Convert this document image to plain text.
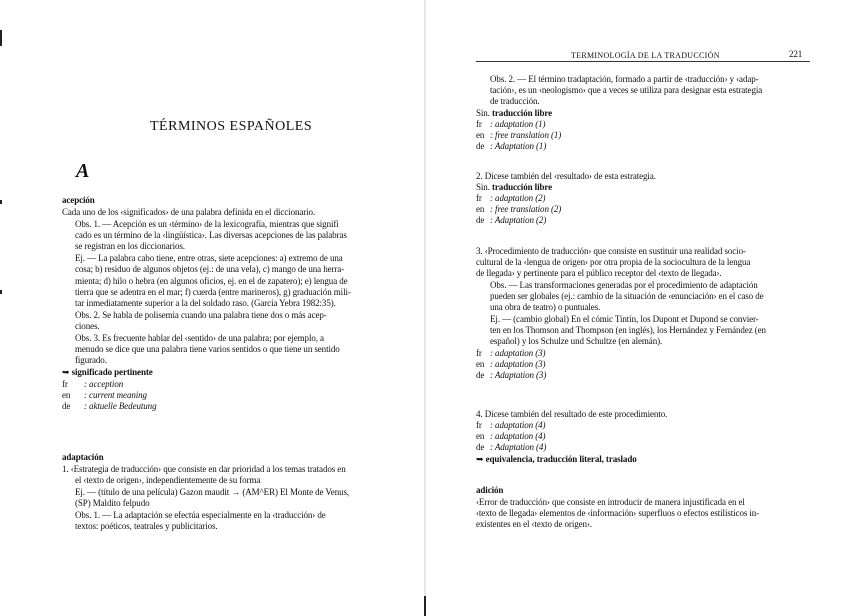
TÉRMINOS ESPAÑOLES
A
acepción
Cada uno de los ‹significados› de una palabra definida en el diccionario.
Obs. 1. — Acepción es un ‹término› de la lexicografía, mientras que signifi
cado es un término de la ‹lingüística›. Las diversas acepciones de las palabras
se registran en los diccionarios.
Ej. — La palabra cabo tiene, entre otras, siete acepciones: a) extremo de una
cosa; b) residuo de algunos objetos (ej.: de una vela), c) mango de una herra-
mienta; d) hilo o hebra (en algunos oficios, ej. en el de zapatero); e) lengua de
tierra que se adentra en el mar; f) cuerda (entre marineros), g) graduación mili-
tar inmediatamente superior a la del soldado raso. (García Yebra 1982:35).
Obs. 2. Se habla de polisemia cuando una palabra tiene dos o más acep-
ciones.
Obs. 3. Es frecuente hablar del ‹sentido› de una palabra; por ejemplo, a
menudo se dice que una palabra tiene varios sentidos o que tiene un sentido
figurado.
➥ significado pertinente
fr : acception
en : current meaning
de : aktuelle Bedeutung
adaptación
1. ‹Estrategia de traducción› que consiste en dar prioridad a los temas tratados en
el ‹texto de origen›, independientemente de su forma
Ej. — (título de una película) Gazon maudit → (AM^ER) El Monte de Venus,
(SP) Maldito felpudo
Obs. 1. — La adaptación se efectúa especialmente en la ‹traducción› de
textos: poéticos, teatrales y publicitarios.
TERMINOLOGÍA DE LA TRADUCCIÓN	221
Obs. 2. — El término tradaptación, formado a partir de ‹traducción› y ‹adap-
tación›, es un ‹neologismo› que a veces se utiliza para designar esta estrategia
de traducción.
Sin. traducción libre
fr : adaptation (1)
en : free translation (1)
de : Adaptation (1)
2. Dícese también del ‹resultado› de esta estrategia.
Sin. traducción libre
fr : adaptation (2)
en : free translation (2)
de : Adaptation (2)
3. ‹Procedimiento de traducción› que consiste en sustituir una realidad socio-
cultural de la ‹lengua de origen› por otra propia de la sociocultura de la lengua
de llegada› y pertinente para el público receptor del ‹texto de llegada›.
Obs. — Las transformaciones generadas por el procedimiento de adaptación
pueden ser globales (ej.: cambio de la situación de ‹enunciación› en el caso de
una obra de teatro) o puntuales.
Ej. — (cambio global) En el cómic Tintín, los Dupont et Dupond se convier-
ten en los Thomson and Thompson (en inglés), los Hernández y Fernández (en
español) y los Schulze und Schultze (en alemán).
fr : adaptation (3)
en : adaptation (3)
de : Adaptation (3)
4. Dícese también del resultado de este procedimiento.
fr : adaptation (4)
en : adaptation (4)
de : Adaptation (4)
➥ equivalencia, traducción literal, traslado
adición
‹Error de traducción› que consiste en introducir de manera injustificada en el
‹texto de llegada› elementos de ‹información› superfluos o efectos estilísticos in-
existentes en el ‹texto de origen›.
